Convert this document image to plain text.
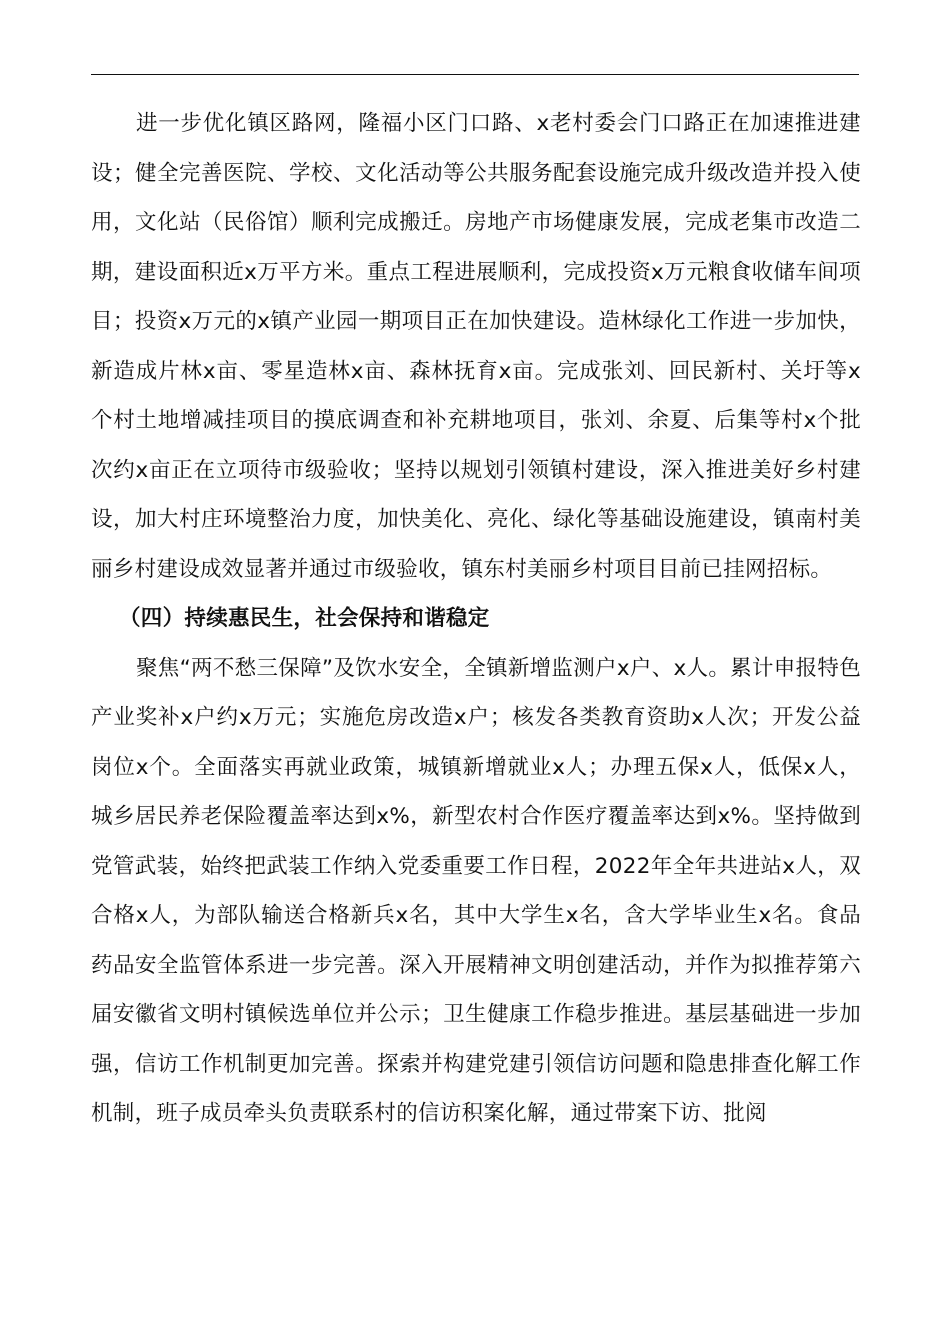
进一步优化镇区路网，隆福小区门口路、x老村委会门口路正在加速推进建设；健全完善医院、学校、文化活动等公共服务配套设施完成升级改造并投入使用，文化站（民俗馆）顺利完成搬迁。房地产市场健康发展，完成老集市改造二期，建设面积近x万平方米。重点工程进展顺利，完成投资x万元粮食收储车间项目；投资x万元的x镇产业园一期项目正在加快建设。造林绿化工作进一步加快，新造成片林x亩、零星造林x亩、森林抚育x亩。完成张刘、回民新村、关圩等x个村土地增减挂项目的摸底调查和补充耕地项目，张刘、余夏、后集等村x个批次约x亩正在立项待市级验收；坚持以规划引领镇村建设，深入推进美好乡村建设，加大村庄环境整治力度，加快美化、亮化、绿化等基础设施建设，镇南村美丽乡村建设成效显著并通过市级验收，镇东村美丽乡村项目目前已挂网招标。

（四）持续惠民生，社会保持和谐稳定

聚焦“两不愁三保障”及饮水安全，全镇新增监测户x户、x人。累计申报特色产业奖补x户约x万元；实施危房改造x户；核发各类教育资助x人次；开发公益岗位x个。全面落实再就业政策，城镇新增就业x人；办理五保x人，低保x人，城乡居民养老保险覆盖率达到x%，新型农村合作医疗覆盖率达到x%。坚持做到党管武装，始终把武装工作纳入党委重要工作日程，2022年全年共进站x人，双合格x人，为部队输送合格新兵x名，其中大学生x名，含大学毕业生x名。食品药品安全监管体系进一步完善。深入开展精神文明创建活动，并作为拟推荐第六届安徽省文明村镇候选单位并公示；卫生健康工作稳步推进。基层基础进一步加强，信访工作机制更加完善。探索并构建党建引领信访问题和隐患排查化解工作机制，班子成员牵头负责联系村的信访积案化解，通过带案下访、批阅
